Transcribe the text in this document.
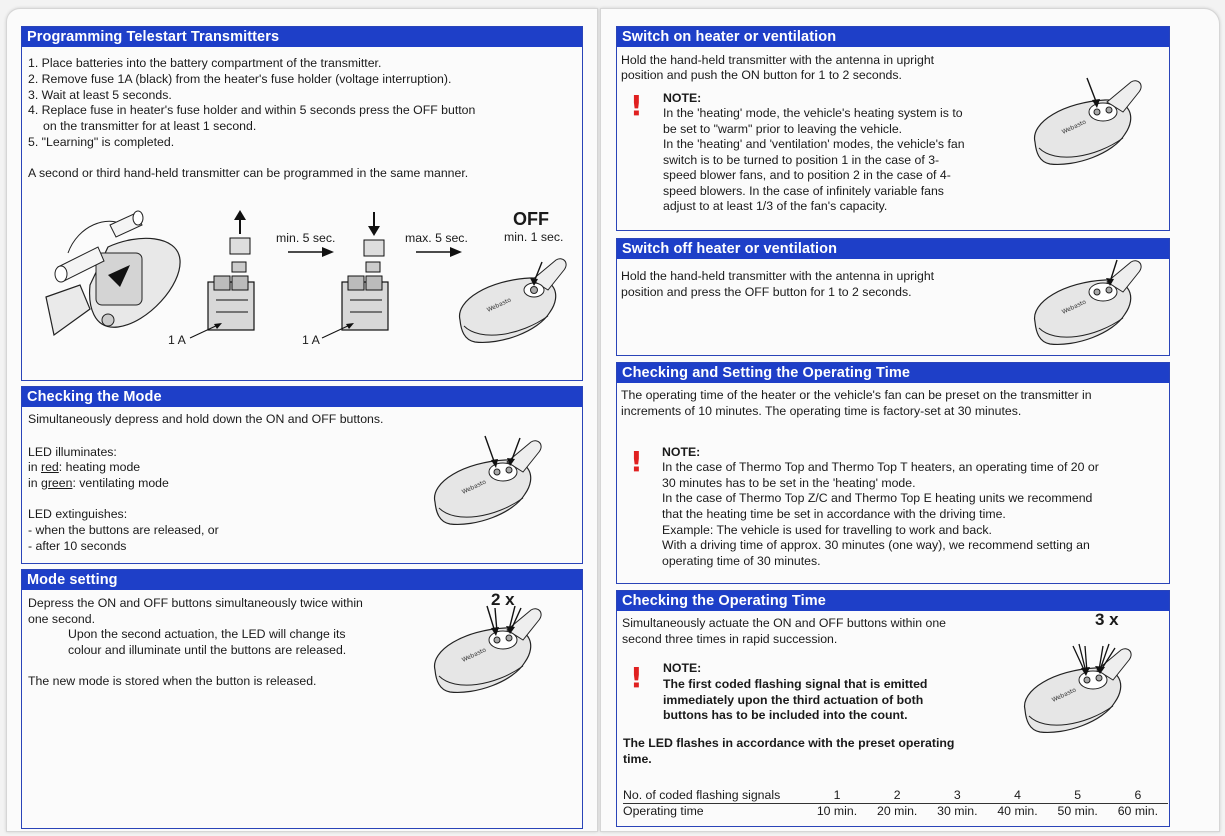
Programming Telestart Transmitters
1. Place batteries into the battery compartment of the transmitter.
2. Remove fuse 1A (black) from the heater's fuse holder (voltage interruption).
3. Wait at least 5 seconds.
4. Replace fuse in heater's fuse holder and within 5 seconds press the OFF button
on the transmitter for at least 1 second.
5. "Learning" is completed.
A second or third hand-held transmitter can be programmed in the same manner.
min. 5 sec.
1 A
max. 5 sec.
1 A
OFF
min. 1 sec.
Webasto
Checking the Mode
Simultaneously depress and hold down the ON and OFF buttons.
LED illuminates:
in red: heating mode
in green: ventilating mode
LED extinguishes:
- when the buttons are released, or
- after 10 seconds
Webasto
Mode setting
Depress the ON and OFF buttons simultaneously twice within
one second.
Upon the second actuation, the LED will change its
colour and illuminate until the buttons are released.
The new mode is stored when the button is released.
2 x
Webasto
Switch on heater or ventilation
Hold the hand-held transmitter with the antenna in upright
position and push the ON button for 1 to 2 seconds.
! NOTE:
In the 'heating' mode, the vehicle's heating system is to
be set to "warm" prior to leaving the vehicle.
In the 'heating' and 'ventilation' modes, the vehicle's fan
switch is to be turned to position 1 in the case of 3-
speed blower fans, and to position 2 in the case of 4-
speed blowers. In the case of infinitely variable fans
adjust to at least 1/3 of the fan's capacity.
Webasto
Switch off heater or ventilation
Hold the hand-held transmitter with the antenna in upright
position and press the OFF button for 1 to 2 seconds.
Webasto
Checking and Setting the Operating Time
The operating time of the heater or the vehicle's fan can be preset on the transmitter in
increments of 10 minutes. The operating time is factory-set at 30 minutes.
! NOTE:
In the case of Thermo Top and Thermo Top T heaters, an operating time of 20 or
30 minutes has to be set in the 'heating' mode.
In the case of Thermo Top Z/C and Thermo Top E heating units we recommend
that the heating time be set in accordance with the driving time.
Example: The vehicle is used for travelling to work and back.
With a driving time of approx. 30 minutes (one way), we recommend setting an
operating time of 30 minutes.
Checking the Operating Time
Simultaneously actuate the ON and OFF buttons within one
second three times in rapid succession.
3 x
Webasto
! NOTE:
The first coded flashing signal that is emitted
immediately upon the third actuation of both
buttons has to be included into the count.
The LED flashes in accordance with the preset operating
time.
No. of coded flashing signals	1	2	3	4	5	6
Operating time	10 min.	20 min.	30 min.	40 min.	50 min.	60 min.
